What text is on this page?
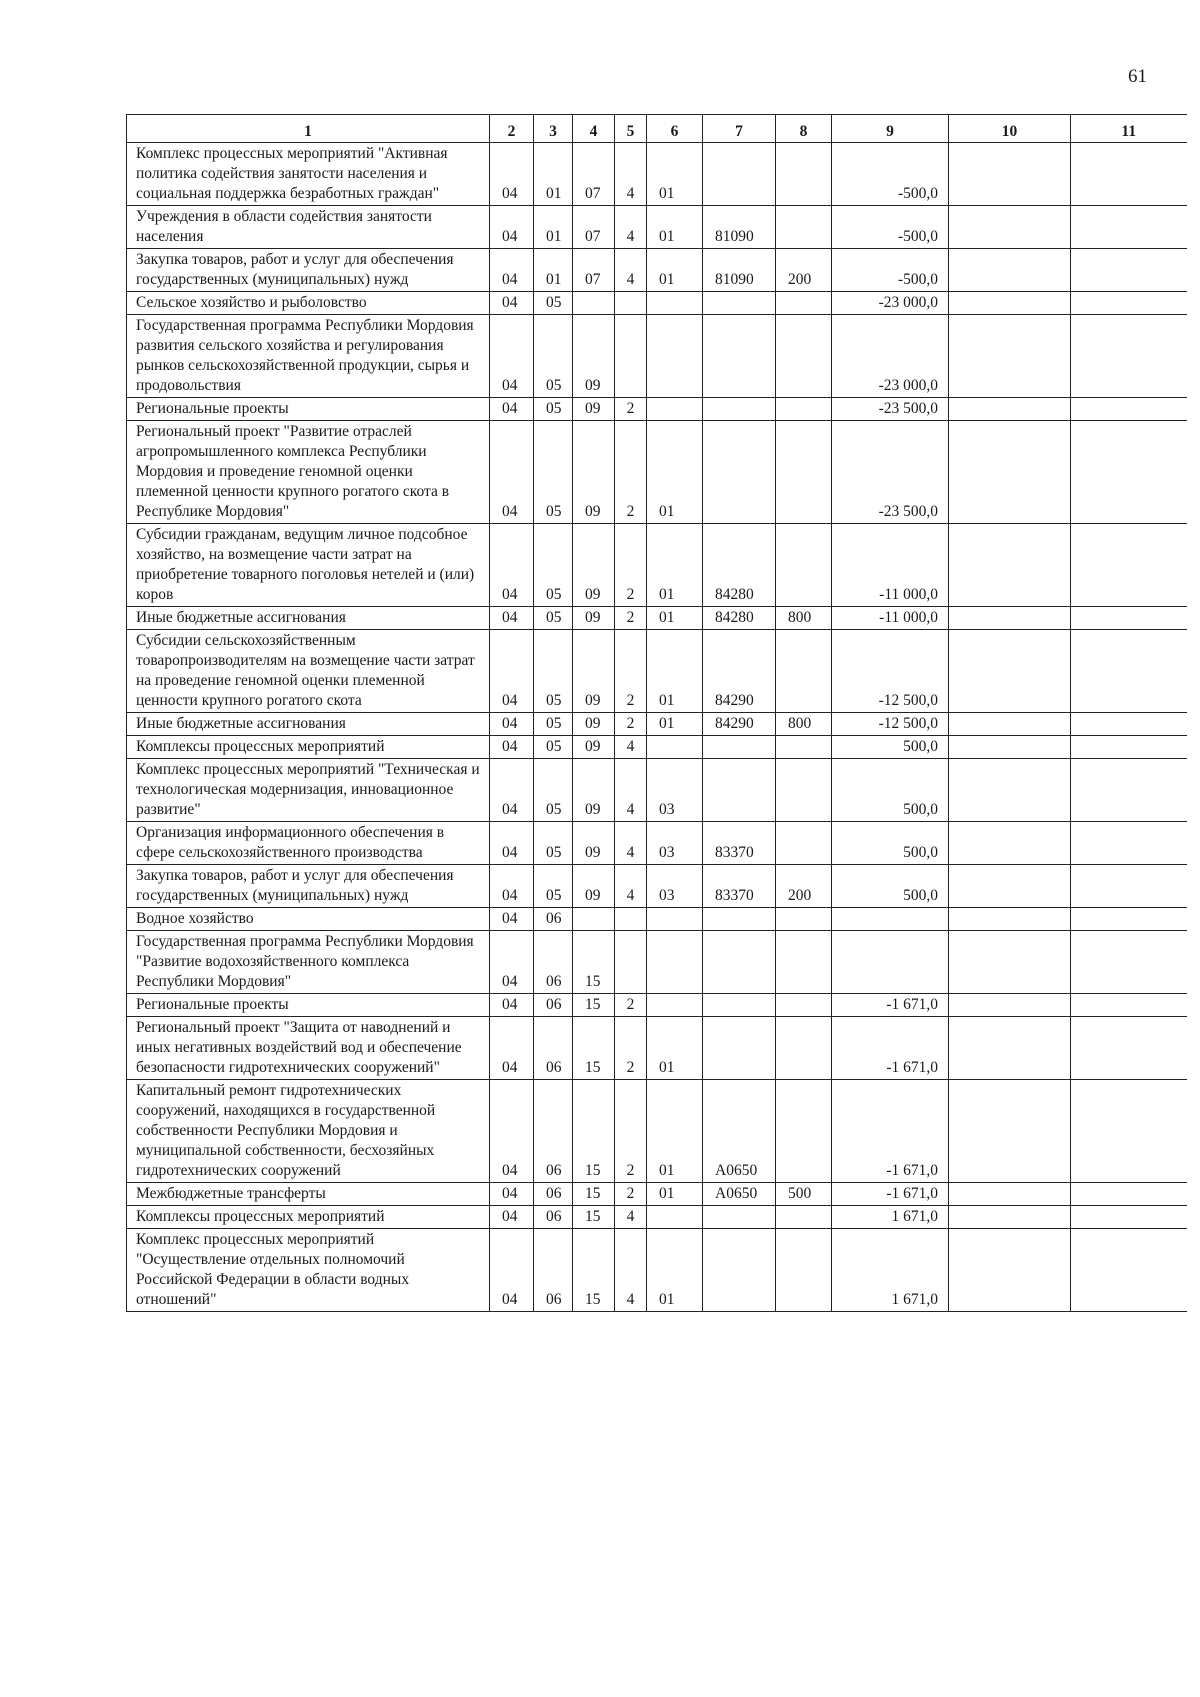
61
1	2	3	4	5	6	7	8	9	10	11
Комплекс процессных мероприятий "Активная политика содействия занятости населения и социальная поддержка безработных граждан"	04	01	07	4	01			-500,0		
Учреждения в области содействия занятости населения	04	01	07	4	01	81090		-500,0		
Закупка товаров, работ и услуг для обеспечения государственных (муниципальных) нужд	04	01	07	4	01	81090	200	-500,0		
Сельское хозяйство и рыболовство	04	05						-23 000,0		
Государственная программа Республики Мордовия развития сельского хозяйства и регулирования рынков сельскохозяйственной продукции, сырья и продовольствия	04	05	09					-23 000,0		
Региональные проекты	04	05	09	2				-23 500,0		
Региональный проект "Развитие отраслей агропромышленного комплекса Республики Мордовия и проведение геномной оценки племенной ценности крупного рогатого скота в Республике Мордовия"	04	05	09	2	01			-23 500,0		
Субсидии гражданам, ведущим личное подсобное хозяйство, на возмещение части затрат на приобретение товарного поголовья нетелей и (или) коров	04	05	09	2	01	84280		-11 000,0		
Иные бюджетные ассигнования	04	05	09	2	01	84280	800	-11 000,0		
Субсидии сельскохозяйственным товаропроизводителям на возмещение части затрат на проведение геномной оценки племенной ценности крупного рогатого скота	04	05	09	2	01	84290		-12 500,0		
Иные бюджетные ассигнования	04	05	09	2	01	84290	800	-12 500,0		
Комплексы процессных мероприятий	04	05	09	4				500,0		
Комплекс процессных мероприятий "Техническая и технологическая модернизация, инновационное развитие"	04	05	09	4	03			500,0		
Организация информационного обеспечения в сфере сельскохозяйственного производства	04	05	09	4	03	83370		500,0		
Закупка товаров, работ и услуг для обеспечения государственных (муниципальных) нужд	04	05	09	4	03	83370	200	500,0		
Водное хозяйство	04	06								
Государственная программа Республики Мордовия "Развитие водохозяйственного комплекса Республики Мордовия"	04	06	15							
Региональные проекты	04	06	15	2				-1 671,0		
Региональный проект "Защита от наводнений и иных негативных воздействий вод и обеспечение безопасности гидротехнических сооружений"	04	06	15	2	01			-1 671,0		
Капитальный ремонт гидротехнических сооружений, находящихся в государственной собственности Республики Мордовия и муниципальной собственности, бесхозяйных гидротехнических сооружений	04	06	15	2	01	А0650		-1 671,0		
Межбюджетные трансферты	04	06	15	2	01	А0650	500	-1 671,0		
Комплексы процессных мероприятий	04	06	15	4				1 671,0		
Комплекс процессных мероприятий "Осуществление отдельных полномочий Российской Федерации в области водных отношений"	04	06	15	4	01			1 671,0		
